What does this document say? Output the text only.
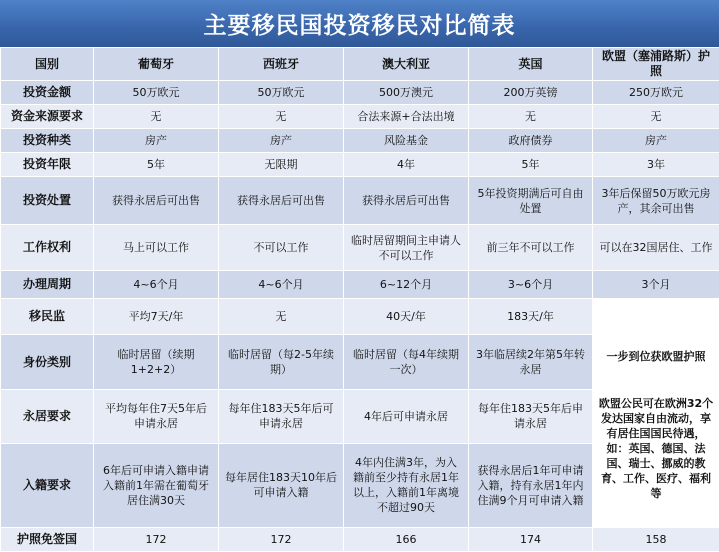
主要移民国投资移民对比简表
国别	葡萄牙	西班牙	澳大利亚	英国	欧盟（塞浦路斯）护照
投资金额	50万欧元	50万欧元	500万澳元	200万英镑	250万欧元
资金来源要求	无	无	合法来源+合法出境	无	无
投资种类	房产	房产	风险基金	政府债券	房产
投资年限	5年	无限期	4年	5年	3年
投资处置	获得永居后可出售	获得永居后可出售	获得永居后可出售	5年投资期满后可自由处置	3年后保留50万欧元房产，其余可出售
工作权利	马上可以工作	不可以工作	临时居留期间主申请人不可以工作	前三年不可以工作	可以在32国居住、工作
办理周期	4~6个月	4~6个月	6~12个月	3~6个月	3个月
移民监	平均7天/年	无	40天/年	183天/年	一步到位获欧盟护照
欧盟公民可在欧洲32个发达国家自由流动，享有居住国国民待遇，如：英国、德国、法国、瑞士、挪威的教育、工作、医疗、福利等

身份类别	临时居留（续期1+2+2）	临时居留（每2-5年续期）	临时居留（每4年续期一次）	3年临居续2年第5年转永居	
永居要求	平均每年住7天5年后申请永居	每年住183天5年后可申请永居	4年后可申请永居	每年住183天5年后申请永居	
入籍要求	6年后可申请入籍申请入籍前1年需在葡萄牙居住满30天	每年居住183天10年后可申请入籍	4年内住满3年，为入籍前至少持有永居1年以上，入籍前1年离境不超过90天	获得永居后1年可申请入籍，持有永居1年内住满9个月可申请入籍	
护照免签国	172	172	166	174	158
